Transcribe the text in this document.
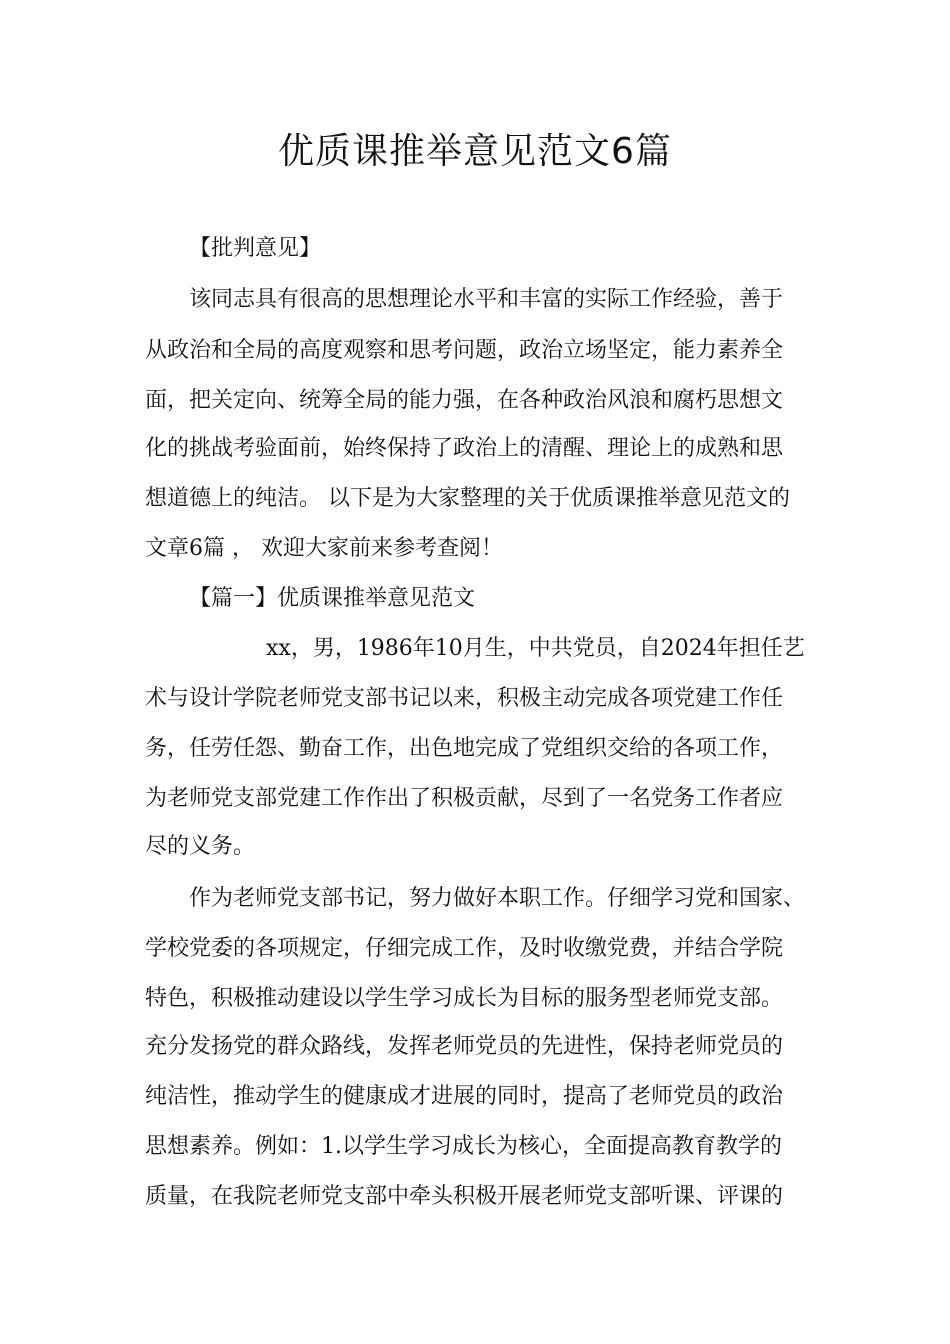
优质课推举意见范文6篇
【批判意见】
该同志具有很高的思想理论水平和丰富的实际工作经验，善于
从政治和全局的高度观察和思考问题，政治立场坚定，能力素养全
面，把关定向、统筹全局的能力强，在各种政治风浪和腐朽思想文
化的挑战考验面前，始终保持了政治上的清醒、理论上的成熟和思
想道德上的纯洁。 以下是为大家整理的关于优质课推举意见范文的
文章6篇 ， 欢迎大家前来参考查阅！
【篇一】优质课推举意见范文
xx，男，1986年10月生，中共党员，自2024年担任艺
术与设计学院老师党支部书记以来，积极主动完成各项党建工作任
务，任劳任怨、勤奋工作，出色地完成了党组织交给的各项工作，
为老师党支部党建工作作出了积极贡献，尽到了一名党务工作者应
尽的义务。
作为老师党支部书记，努力做好本职工作。仔细学习党和国家、
学校党委的各项规定，仔细完成工作，及时收缴党费，并结合学院
特色，积极推动建设以学生学习成长为目标的服务型老师党支部。
充分发扬党的群众路线，发挥老师党员的先进性，保持老师党员的
纯洁性，推动学生的健康成才进展的同时，提高了老师党员的政治
思想素养。例如：1.以学生学习成长为核心，全面提高教育教学的
质量，在我院老师党支部中牵头积极开展老师党支部听课、评课的
